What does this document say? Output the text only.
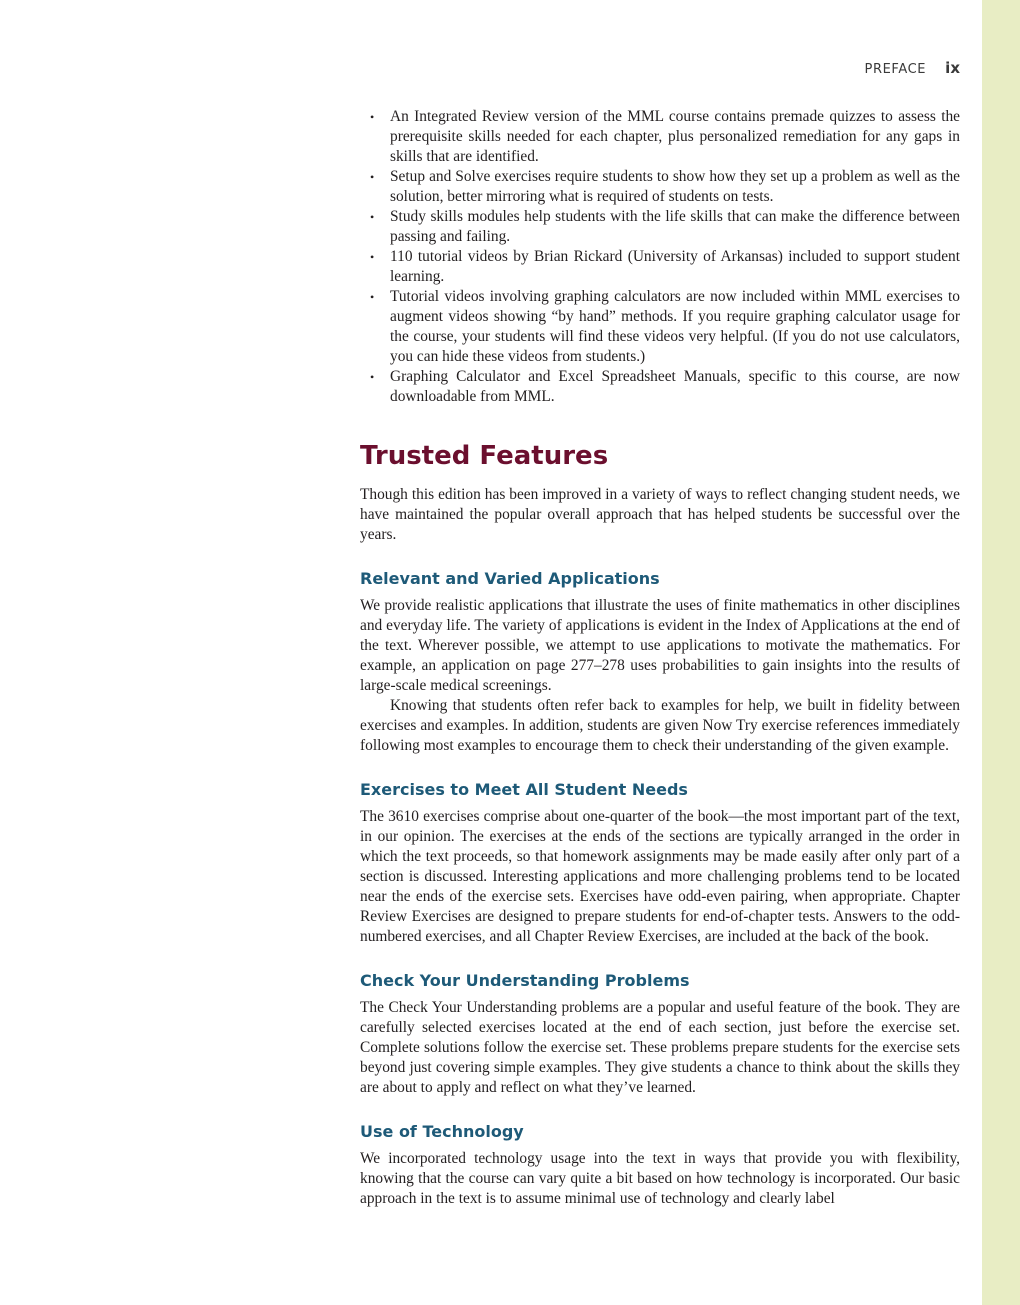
PREFACE ix
• An Integrated Review version of the MML course contains premade quizzes to assess the prerequisite skills needed for each chapter, plus personalized remediation for any gaps in skills that are identified.
• Setup and Solve exercises require students to show how they set up a problem as well as the solution, better mirroring what is required of students on tests.
• Study skills modules help students with the life skills that can make the difference between passing and failing.
• 110 tutorial videos by Brian Rickard (University of Arkansas) included to support student learning.
• Tutorial videos involving graphing calculators are now included within MML exercises to augment videos showing “by hand” methods. If you require graphing calculator usage for the course, your students will find these videos very helpful. (If you do not use calculators, you can hide these videos from students.)
• Graphing Calculator and Excel Spreadsheet Manuals, specific to this course, are now downloadable from MML.
Trusted Features

Though this edition has been improved in a variety of ways to reflect changing student needs, we have maintained the popular overall approach that has helped students be successful over the years.

Relevant and Varied Applications

We provide realistic applications that illustrate the uses of finite mathematics in other disciplines and everyday life. The variety of applications is evident in the Index of Applications at the end of the text. Wherever possible, we attempt to use applications to motivate the mathematics. For example, an application on page 277–278 uses probabilities to gain insights into the results of large-scale medical screenings.

Knowing that students often refer back to examples for help, we built in fidelity between exercises and examples. In addition, students are given Now Try exercise references immediately following most examples to encourage them to check their understanding of the given example.

Exercises to Meet All Student Needs

The 3610 exercises comprise about one-quarter of the book—the most important part of the text, in our opinion. The exercises at the ends of the sections are typically arranged in the order in which the text proceeds, so that homework assignments may be made easily after only part of a section is discussed. Interesting applications and more challenging problems tend to be located near the ends of the exercise sets. Exercises have odd-even pairing, when appropriate. Chapter Review Exercises are designed to prepare students for end-of-chapter tests. Answers to the odd-numbered exercises, and all Chapter Review Exercises, are included at the back of the book.

Check Your Understanding Problems

The Check Your Understanding problems are a popular and useful feature of the book. They are carefully selected exercises located at the end of each section, just before the exercise set. Complete solutions follow the exercise set. These problems prepare students for the exercise sets beyond just covering simple examples. They give students a chance to think about the skills they are about to apply and reflect on what they’ve learned.

Use of Technology

We incorporated technology usage into the text in ways that provide you with flexibility, knowing that the course can vary quite a bit based on how technology is incorporated. Our basic approach in the text is to assume minimal use of technology and clearly label
